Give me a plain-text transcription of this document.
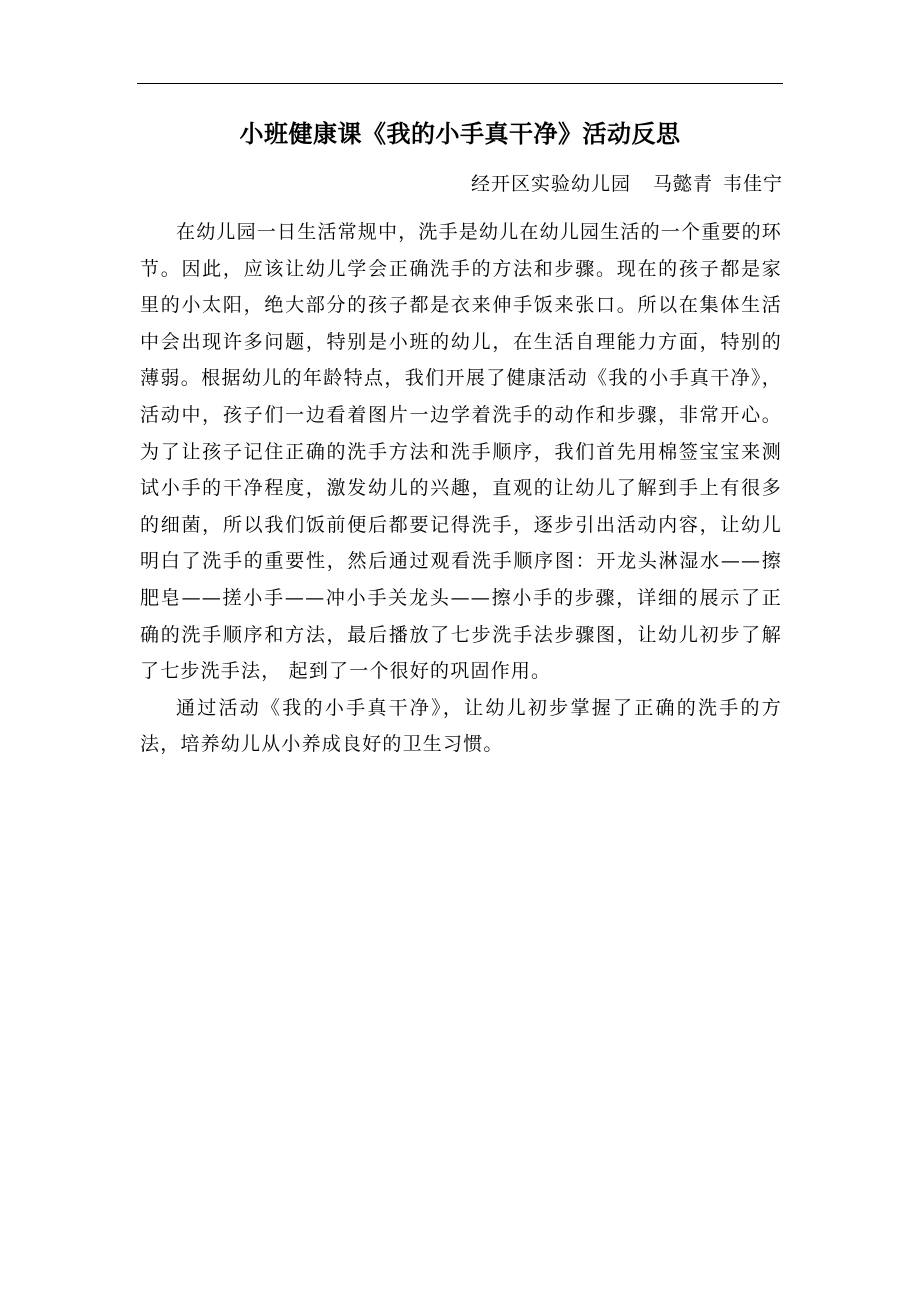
小班健康课《我的小手真干净》活动反思

经开区实验幼儿园 马懿青 韦佳宁

在幼儿园一日生活常规中，洗手是幼儿在幼儿园生活的一个重要的环节。因此，应该让幼儿学会正确洗手的方法和步骤。现在的孩子都是家里的小太阳，绝大部分的孩子都是衣来伸手饭来张口。所以在集体生活中会出现许多问题，特别是小班的幼儿，在生活自理能力方面，特别的薄弱。根据幼儿的年龄特点，我们开展了健康活动《我的小手真干净》，活动中，孩子们一边看着图片一边学着洗手的动作和步骤，非常开心。为了让孩子记住正确的洗手方法和洗手顺序，我们首先用棉签宝宝来测试小手的干净程度，激发幼儿的兴趣，直观的让幼儿了解到手上有很多的细菌，所以我们饭前便后都要记得洗手，逐步引出活动内容，让幼儿明白了洗手的重要性，然后通过观看洗手顺序图：开龙头淋湿水——擦肥皂——搓小手——冲小手关龙头——擦小手的步骤，详细的展示了正确的洗手顺序和方法，最后播放了七步洗手法步骤图，让幼儿初步了解了七步洗手法， 起到了一个很好的巩固作用。

通过活动《我的小手真干净》，让幼儿初步掌握了正确的洗手的方法，培养幼儿从小养成良好的卫生习惯。
